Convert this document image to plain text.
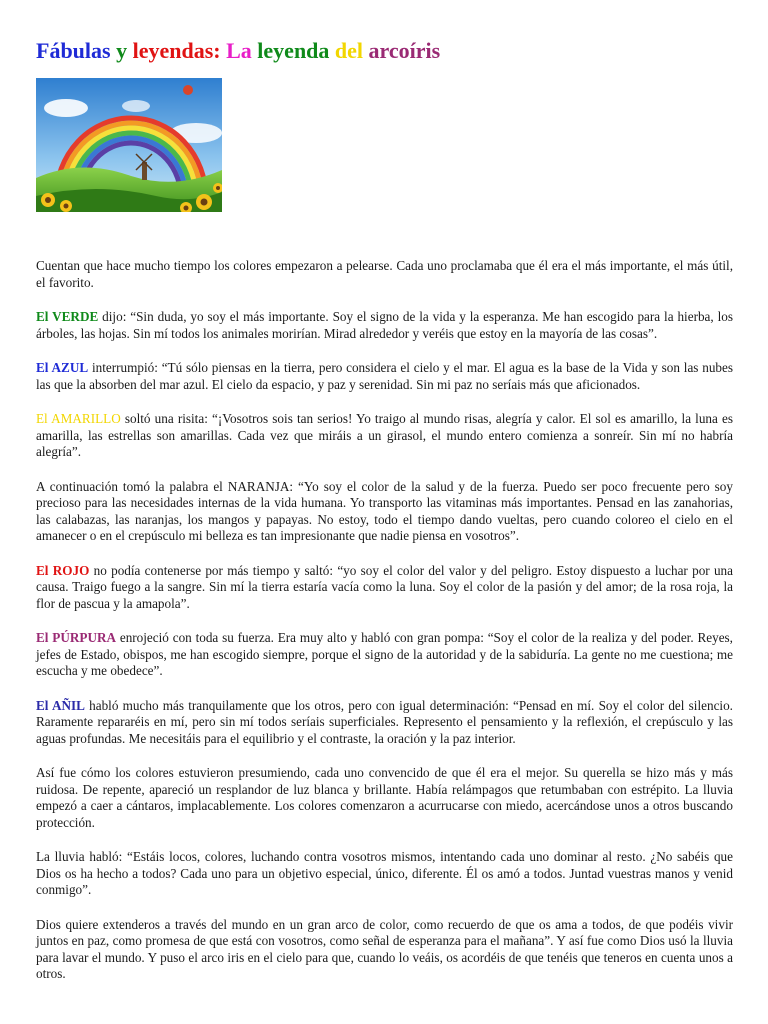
Fábulas y leyendas: La leyenda del arcoíris

Cuentan que hace mucho tiempo los colores empezaron a pelearse. Cada uno proclamaba que él era el más importante, el más útil, el favorito.

El VERDE dijo: “Sin duda, yo soy el más importante. Soy el signo de la vida y la esperanza. Me han escogido para la hierba, los árboles, las hojas. Sin mí todos los animales morirían. Mirad alrededor y veréis que estoy en la mayoría de las cosas”.

El AZUL interrumpió: “Tú sólo piensas en la tierra, pero considera el cielo y el mar. El agua es la base de la Vida y son las nubes las que la absorben del mar azul. El cielo da espacio, y paz y serenidad. Sin mi paz no seríais más que aficionados.

El AMARILLO soltó una risita: “¡Vosotros sois tan serios! Yo traigo al mundo risas, alegría y calor. El sol es amarillo, la luna es amarilla, las estrellas son amarillas. Cada vez que miráis a un girasol, el mundo entero comienza a sonreír. Sin mí no habría alegría”.

A continuación tomó la palabra el NARANJA: “Yo soy el color de la salud y de la fuerza. Puedo ser poco frecuente pero soy precioso para las necesidades internas de la vida humana. Yo transporto las vitaminas más importantes. Pensad en las zanahorias, las calabazas, las naranjas, los mangos y papayas. No estoy, todo el tiempo dando vueltas, pero cuando coloreo el cielo en el amanecer o en el crepúsculo mi belleza es tan impresionante que nadie piensa en vosotros”.

El ROJO no podía contenerse por más tiempo y saltó: “yo soy el color del valor y del peligro. Estoy dispuesto a luchar por una causa. Traigo fuego a la sangre. Sin mí la tierra estaría vacía como la luna. Soy el color de la pasión y del amor; de la rosa roja, la flor de pascua y la amapola”.

El PÚRPURA enrojeció con toda su fuerza. Era muy alto y habló con gran pompa: “Soy el color de la realiza y del poder. Reyes, jefes de Estado, obispos, me han escogido siempre, porque el signo de la autoridad y de la sabiduría. La gente no me cuestiona; me escucha y me obedece”.

El AÑIL habló mucho más tranquilamente que los otros, pero con igual determinación: “Pensad en mí. Soy el color del silencio. Raramente repararéis en mí, pero sin mí todos seríais superficiales. Represento el pensamiento y la reflexión, el crepúsculo y las aguas profundas. Me necesitáis para el equilibrio y el contraste, la oración y la paz interior.

Así fue cómo los colores estuvieron presumiendo, cada uno convencido de que él era el mejor. Su querella se hizo más y más ruidosa. De repente, apareció un resplandor de luz blanca y brillante. Había relámpagos que retumbaban con estrépito. La lluvia empezó a caer a cántaros, implacablemente. Los colores comenzaron a acurrucarse con miedo, acercándose unos a otros buscando protección.

La lluvia habló: “Estáis locos, colores, luchando contra vosotros mismos, intentando cada uno dominar al resto. ¿No sabéis que Dios os ha hecho a todos? Cada uno para un objetivo especial, único, diferente. Él os amó a todos. Juntad vuestras manos y venid conmigo”.

Dios quiere extenderos a través del mundo en un gran arco de color, como recuerdo de que os ama a todos, de que podéis vivir juntos en paz, como promesa de que está con vosotros, como señal de esperanza para el mañana”. Y así fue como Dios usó la lluvia para lavar el mundo. Y puso el arco iris en el cielo para que, cuando lo veáis, os acordéis de que tenéis que teneros en cuenta unos a otros.
